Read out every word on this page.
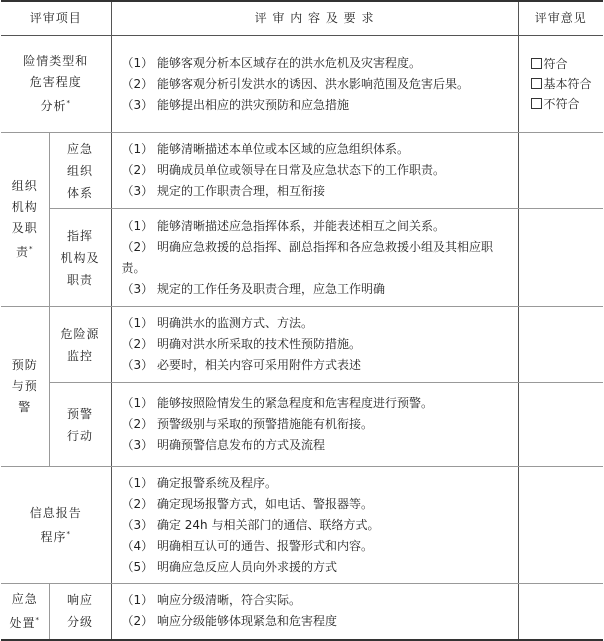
评审项目		评 审 内 容 及 要 求	评审意见
险情类型和
危害程度
分析*		（1） 能够客观分析本区域存在的洪水危机及灾害程度。
（2） 能够客观分析引发洪水的诱因、洪水影响范围及危害后果。
（3） 能够提出相应的洪灾预防和应急措施	符合
基本符合
不符合

组织
机构
及职
责*	应急
组织
体系	（1） 能够清晰描述本单位或本区域的应急组织体系。
（2） 明确成员单位或领导在日常及应急状态下的工作职责。
（3） 规定的工作职责合理，相互衔接	

	指挥
机构及
职责	（1） 能够清晰描述应急指挥体系，并能表述相互之间关系。
（2） 明确应急救援的总指挥、副总指挥和各应急救援小组及其相应职责。
（3） 规定的工作任务及职责合理，应急工作明确	

预防
与预
警	危险源
监控	（1） 明确洪水的监测方式、方法。
（2） 明确对洪水所采取的技术性预防措施。
（3） 必要时，相关内容可采用附件方式表述	

	预警
行动	（1） 能够按照险情发生的紧急程度和危害程度进行预警。
（2） 预警级别与采取的预警措施能有机衔接。
（3） 明确预警信息发布的方式及流程	

信息报告
程序*		（1） 确定报警系统及程序。
（2） 确定现场报警方式，如电话、警报器等。
（3） 确定 24h 与相关部门的通信、联络方式。
（4） 明确相互认可的通告、报警形式和内容。
（5） 明确应急反应人员向外求援的方式	

应急
处置*	响应
分级	（1） 响应分级清晰，符合实际。
（2） 响应分级能够体现紧急和危害程度	
